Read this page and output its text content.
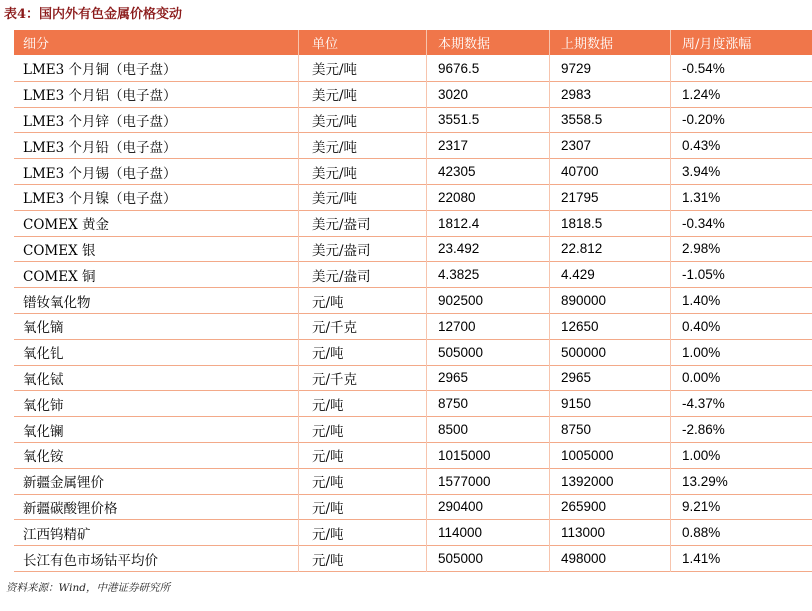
表4：国内外有色金属价格变动
细分	单位	本期数据	上期数据	周/月度涨幅
LME3 个月铜（电子盘）	美元/吨	9676.5	9729	-0.54%
LME3 个月铝（电子盘）	美元/吨	3020	2983	1.24%
LME3 个月锌（电子盘）	美元/吨	3551.5	3558.5	-0.20%
LME3 个月铅（电子盘）	美元/吨	2317	2307	0.43%
LME3 个月锡（电子盘）	美元/吨	42305	40700	3.94%
LME3 个月镍（电子盘）	美元/吨	22080	21795	1.31%
COMEX 黄金	美元/盎司	1812.4	1818.5	-0.34%
COMEX 银	美元/盎司	23.492	22.812	2.98%
COMEX 铜	美元/盎司	4.3825	4.429	-1.05%
镨钕氧化物	元/吨	902500	890000	1.40%
氧化镝	元/千克	12700	12650	0.40%
氧化钆	元/吨	505000	500000	1.00%
氧化铽	元/千克	2965	2965	0.00%
氧化铈	元/吨	8750	9150	-4.37%
氧化镧	元/吨	8500	8750	-2.86%
氧化铵	元/吨	1015000	1005000	1.00%
新疆金属锂价	元/吨	1577000	1392000	13.29%
新疆碳酸锂价格	元/吨	290400	265900	9.21%
江西钨精矿	元/吨	114000	113000	0.88%
长江有色市场钴平均价	元/吨	505000	498000	1.41%
资料来源：Wind，中港证券研究所
